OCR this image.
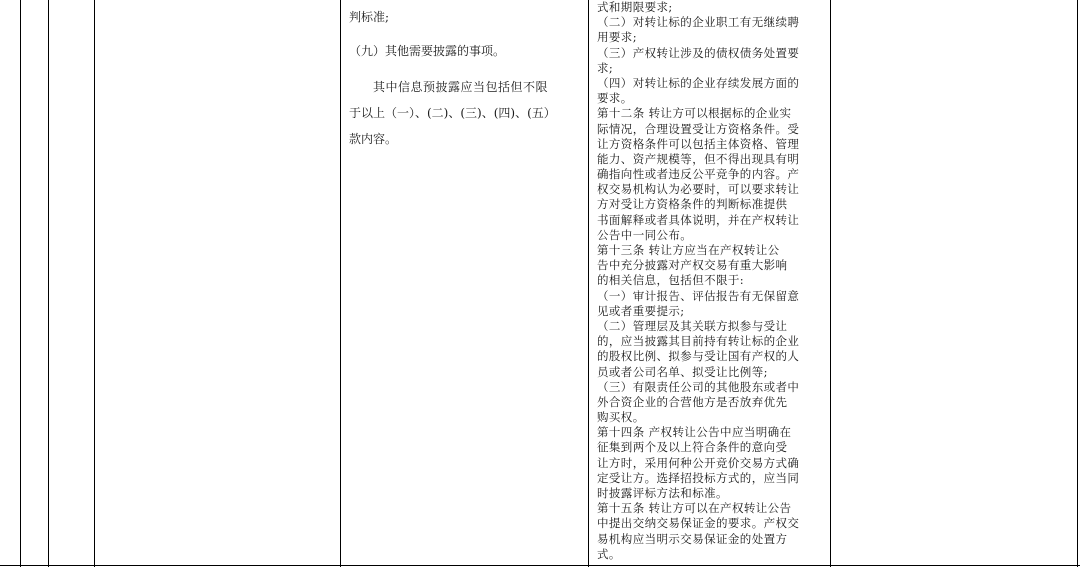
判标准;

（九）其他需要披露的事项。

其中信息预披露应当包括但不限

于以上（一）、(二)、(三)、(四)、(五）

款内容。

式和期限要求;
（二）对转让标的企业职工有无继续聘
用要求;
（三）产权转让涉及的债权债务处置要
求;
（四）对转让标的企业存续发展方面的
要求。
第十二条 转让方可以根据标的企业实
际情况，合理设置受让方资格条件。受
让方资格条件可以包括主体资格、管理
能力、资产规模等，但不得出现具有明
确指向性或者违反公平竞争的内容。产
权交易机构认为必要时，可以要求转让
方对受让方资格条件的判断标准提供
书面解释或者具体说明，并在产权转让
公告中一同公布。
第十三条 转让方应当在产权转让公
告中充分披露对产权交易有重大影响
的相关信息，包括但不限于:
（一）审计报告、评估报告有无保留意
见或者重要提示;
（二）管理层及其关联方拟参与受让
的，应当披露其目前持有转让标的企业
的股权比例、拟参与受让国有产权的人
员或者公司名单、拟受让比例等;
（三）有限责任公司的其他股东或者中
外合资企业的合营他方是否放弃优先
购买权。
第十四条 产权转让公告中应当明确在
征集到两个及以上符合条件的意向受
让方时，采用何种公开竞价交易方式确
定受让方。选择招投标方式的，应当同
时披露评标方法和标准。
第十五条 转让方可以在产权转让公告
中提出交纳交易保证金的要求。产权交
易机构应当明示交易保证金的处置方
式。
